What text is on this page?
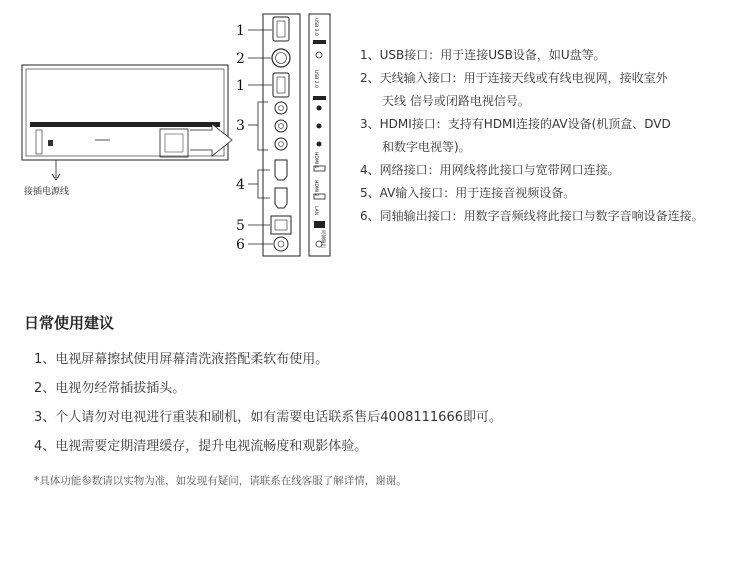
接插电源线
1
2
1
3
4
5
6
USB 3.0
USB 2.0
HDMI 1
HDMI 2
LAN
同轴输出
1、USB接口：用于连接USB设备，如U盘等。
2、天线输入接口：用于连接天线或有线电视网，接收室外
天线 信号或闭路电视信号。
3、HDMI接口：支持有HDMI连接的AV设备(机顶盒、DVD
和数字电视等)。
4、网络接口：用网线将此接口与宽带网口连接。
5、AV输入接口：用于连接音视频设备。
6、同轴输出接口：用数字音频线将此接口与数字音响设备连接。
日常使用建议
1、电视屏幕擦拭使用屏幕清洗液搭配柔软布使用。
2、电视勿经常插拔插头。
3、个人请勿对电视进行重装和刷机，如有需要电话联系售后4008111666即可。
4、电视需要定期清理缓存，提升电视流畅度和观影体验。
*具体功能参数请以实物为准，如发现有疑问，请联系在线客服了解详情，谢谢。
